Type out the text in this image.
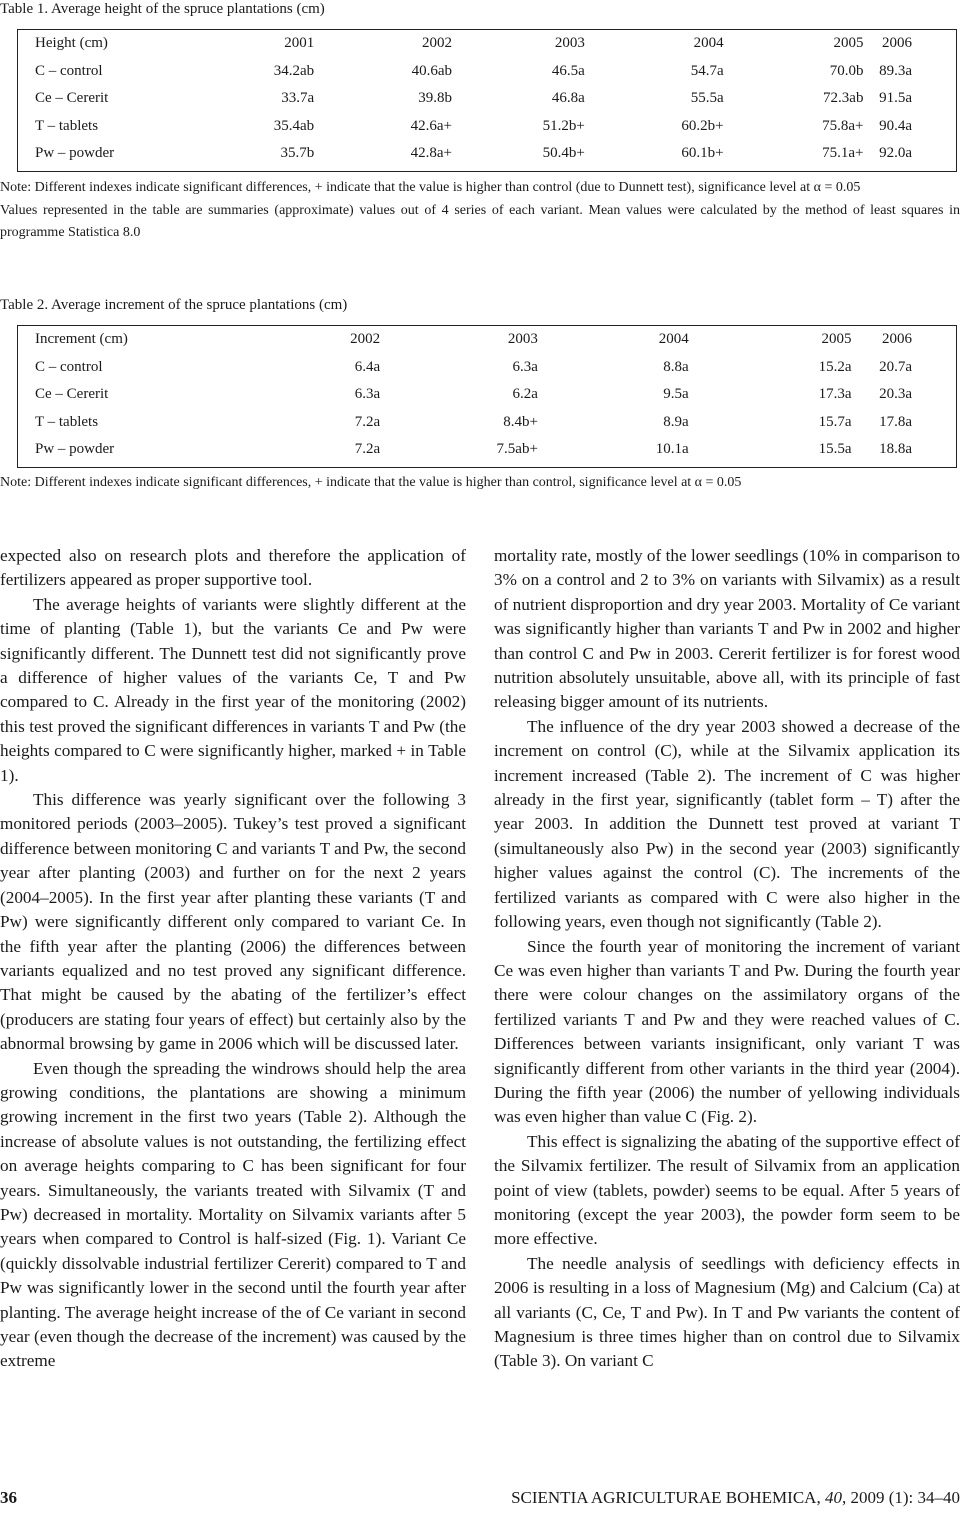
Table 1. Average height of the spruce plantations (cm)
Height (cm)	2001	2002	2003	2004	2005	2006
C – control	34.2ab	40.6ab	46.5a	54.7a	70.0b	89.3a
Ce – Cererit	33.7a	39.8b	46.8a	55.5a	72.3ab	91.5a
T – tablets	35.4ab	42.6a+	51.2b+	60.2b+	75.8a+	90.4a
Pw – powder	35.7b	42.8a+	50.4b+	60.1b+	75.1a+	92.0a

Note: Different indexes indicate significant differences, + indicate that the value is higher than control (due to Dunnett test), significance level at α = 0.05

Values represented in the table are summaries (approximate) values out of 4 series of each variant. Mean values were calculated by the method of least squares in programme Statistica 8.0

Table 2. Average increment of the spruce plantations (cm)
Increment (cm)	2002	2003	2004	2005	2006
C – control	6.4a	6.3a	8.8a	15.2a	20.7a
Ce – Cererit	6.3a	6.2a	9.5a	17.3a	20.3a
T – tablets	7.2a	8.4b+	8.9a	15.7a	17.8a
Pw – powder	7.2a	7.5ab+	10.1a	15.5a	18.8a

Note: Different indexes indicate significant differences, + indicate that the value is higher than control, significance level at α = 0.05

expected also on research plots and therefore the application of fertilizers appeared as proper supportive tool.

The average heights of variants were slightly different at the time of planting (Table 1), but the variants Ce and Pw were significantly different. The Dunnett test did not significantly prove a difference of higher values of the variants Ce, T and Pw compared to C. Already in the first year of the monitoring (2002) this test proved the significant differences in variants T and Pw (the heights compared to C were significantly higher, marked + in Table 1).

This difference was yearly significant over the following 3 monitored periods (2003–2005). Tukey’s test proved a significant difference between monitoring C and variants T and Pw, the second year after planting (2003) and further on for the next 2 years (2004–2005). In the first year after planting these variants (T and Pw) were significantly different only compared to variant Ce. In the fifth year after the planting (2006) the differences between variants equalized and no test proved any significant difference. That might be caused by the abating of the fertilizer’s effect (producers are stating four years of effect) but certainly also by the abnormal browsing by game in 2006 which will be discussed later.

Even though the spreading the windrows should help the area growing conditions, the plantations are showing a minimum growing increment in the first two years (Table 2). Although the increase of absolute values is not outstanding, the fertilizing effect on average heights comparing to C has been significant for four years. Simultaneously, the variants treated with Silvamix (T and Pw) decreased in mortality. Mortality on Silvamix variants after 5 years when compared to Control is half-sized (Fig. 1). Variant Ce (quickly dissolvable industrial fertilizer Cererit) compared to T and Pw was significantly lower in the second until the fourth year after planting. The average height increase of the of Ce variant in second year (even though the decrease of the increment) was caused by the extreme

mortality rate, mostly of the lower seedlings (10% in comparison to 3% on a control and 2 to 3% on variants with Silvamix) as a result of nutrient disproportion and dry year 2003. Mortality of Ce variant was significantly higher than variants T and Pw in 2002 and higher than control C and Pw in 2003. Cererit fertilizer is for forest wood nutrition absolutely unsuitable, above all, with its principle of fast releasing bigger amount of its nutrients.

The influence of the dry year 2003 showed a decrease of the increment on control (C), while at the Silvamix application its increment increased (Table 2). The increment of C was higher already in the first year, significantly (tablet form – T) after the year 2003. In addition the Dunnett test proved at variant T (simultaneously also Pw) in the second year (2003) significantly higher values against the control (C). The increments of the fertilized variants as compared with C were also higher in the following years, even though not significantly (Table 2).

Since the fourth year of monitoring the increment of variant Ce was even higher than variants T and Pw. During the fourth year there were colour changes on the assimilatory organs of the fertilized variants T and Pw and they were reached values of C. Differences between variants insignificant, only variant T was significantly different from other variants in the third year (2004). During the fifth year (2006) the number of yellowing individuals was even higher than value C (Fig. 2).

This effect is signalizing the abating of the supportive effect of the Silvamix fertilizer. The result of Silvamix from an application point of view (tablets, powder) seems to be equal. After 5 years of monitoring (except the year 2003), the powder form seem to be more effective.

The needle analysis of seedlings with deficiency effects in 2006 is resulting in a loss of Magnesium (Mg) and Calcium (Ca) at all variants (C, Ce, T and Pw). In T and Pw variants the content of Magnesium is three times higher than on control due to Silvamix (Table 3). On variant C

36	SCIENTIA AGRICULTURAE BOHEMICA, 40, 2009 (1): 34–40
